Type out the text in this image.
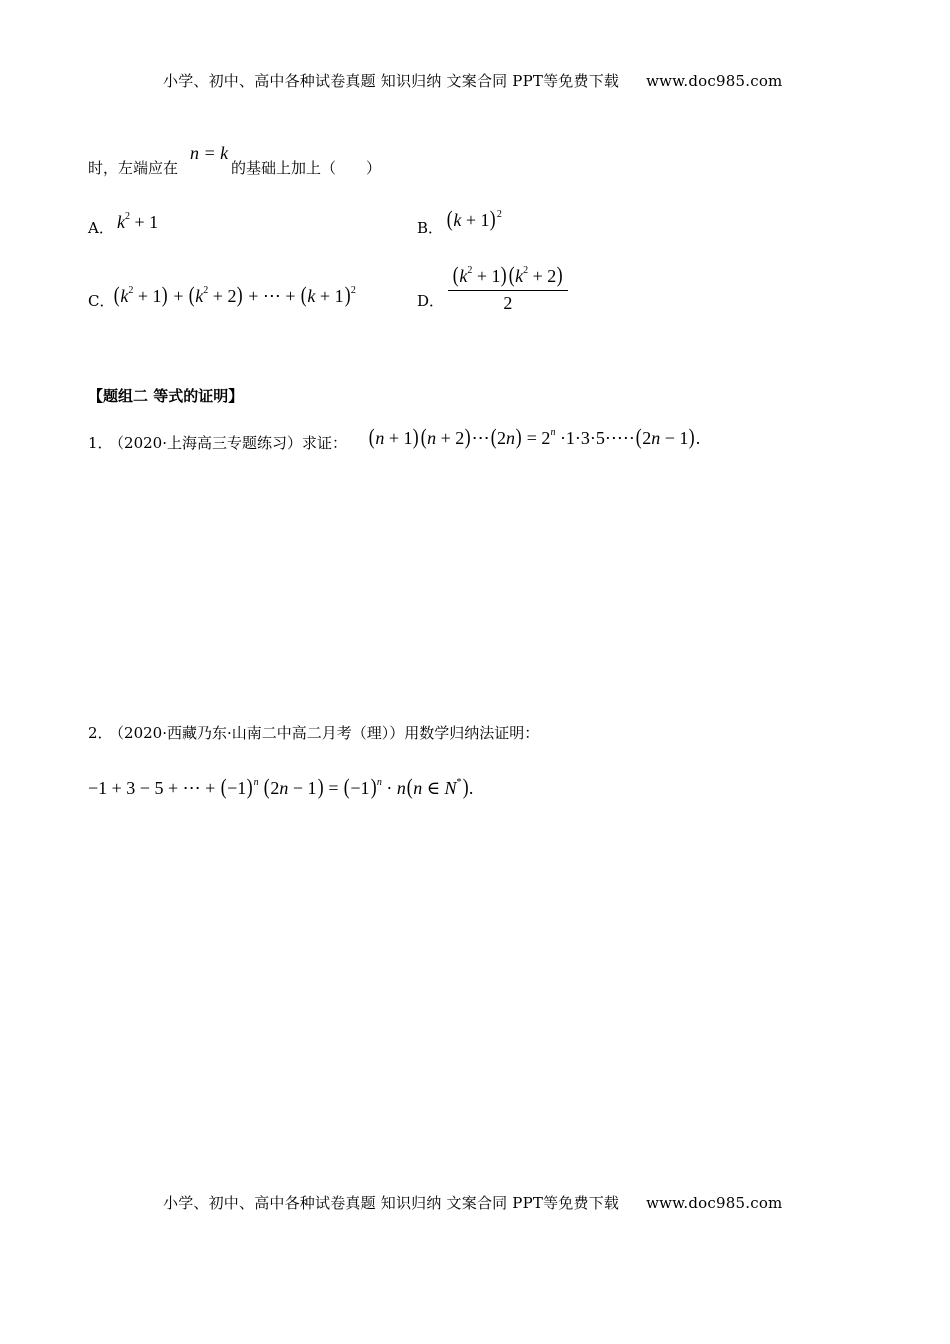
小学、初中、高中各种试卷真题 知识归纳 文案合同 PPT等免费下载 www.doc985.com
时，左端应在
n = k
的基础上加上（　　）
A． $k^2 + 1$	B． $(k + 1)^2$
C． $(k^2 + 1) + (k^2 + 2)$ + ⋯ + $(k + 1)^2$
D． $\frac{(k^2 + 1)(k^2 + 2)}{2}$
【题组二 等式的证明】
1． （2020·上海高三专题练习）求证： (n + 1)(n + 2)⋯(2n) = $2^n$ ·1·3·5·⋯·(2n − 1).
2． （2020·西藏乃东·山南二中高二月考（理））用数学归纳法证明：
−1 + 3 − 5 + ⋯ + $(-1)^n$ $(2n - 1) = (-1)^n \cdot n(n$ ∈ N*).
小学、初中、高中各种试卷真题 知识归纳 文案合同 PPT等免费下载 www.doc985.com
